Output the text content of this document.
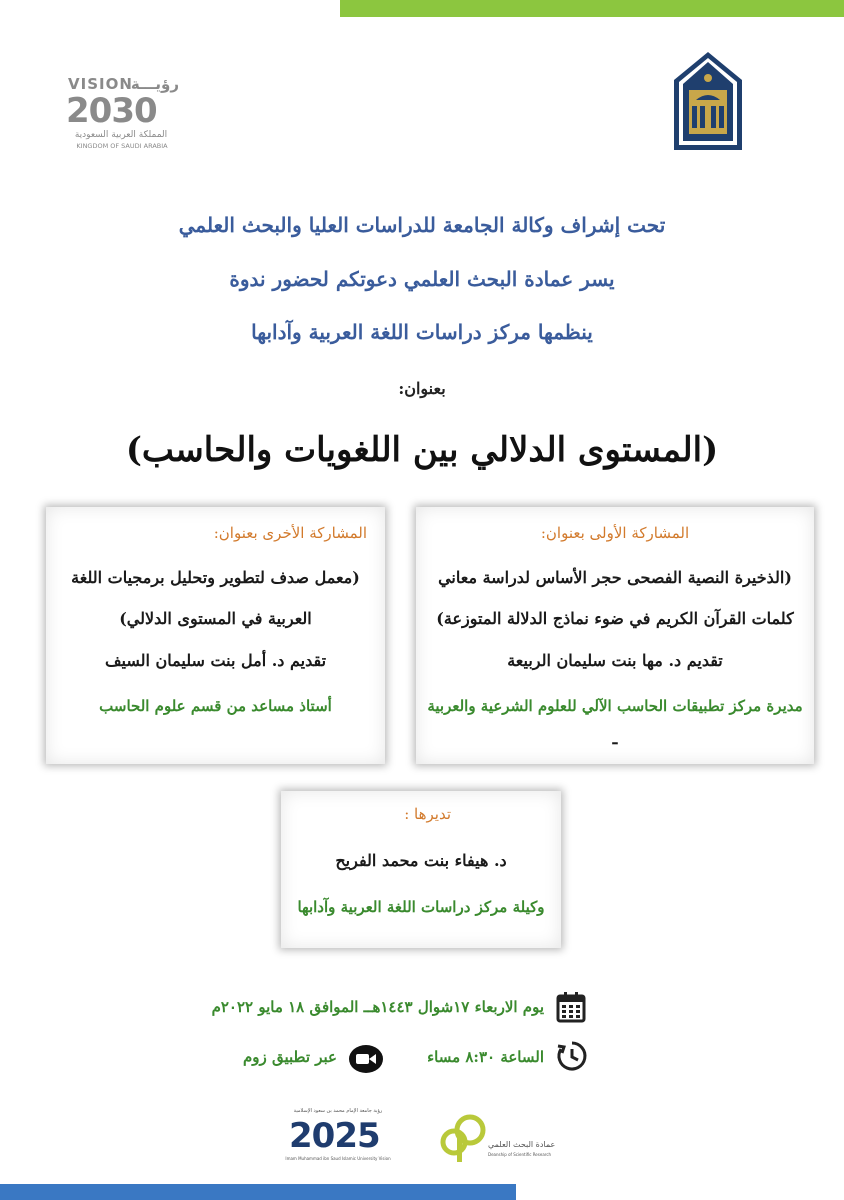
VISION
رؤيـــة
2030
المملكة العربية السعودية
KINGDOM OF SAUDI ARABIA
تحت إشراف وكالة الجامعة للدراسات العليا والبحث العلمي
يسر عمادة البحث العلمي دعوتكم لحضور ندوة
ينظمها مركز دراسات اللغة العربية وآدابها
بعنوان:
(المستوى الدلالي بين اللغويات والحاسب)
المشاركة الأولى بعنوان:
(الذخيرة النصية الفصحى حجر الأساس لدراسة معاني
كلمات القرآن الكريم في ضوء نماذج الدلالة المتوزعة)
تقديم د. مها بنت سليمان الربيعة
مديرة مركز تطبيقات الحاسب الآلي للعلوم الشرعية والعربية
ـ
المشاركة الأخرى بعنوان:
(معمل صدف لتطوير وتحليل برمجيات اللغة
العربية في المستوى الدلالي)
تقديم د. أمل بنت سليمان السيف
أستاذ مساعد من قسم علوم الحاسب
تديرها :
د. هيفاء بنت محمد الفريح
وكيلة مركز دراسات اللغة العربية وآدابها
يوم الاربعاء ١٧شوال ١٤٤٣هــ الموافق ١٨ مايو ٢٠٢٢م
الساعة ٨:٣٠ مساء
عبر تطبيق زوم
رؤية جامعة الإمام محمد بن سعود الإسلامية
2025
Imam Muhammad ibn Saud Islamic University Vision
عمادة البحث العلمي
Deanship of Scientific Research
